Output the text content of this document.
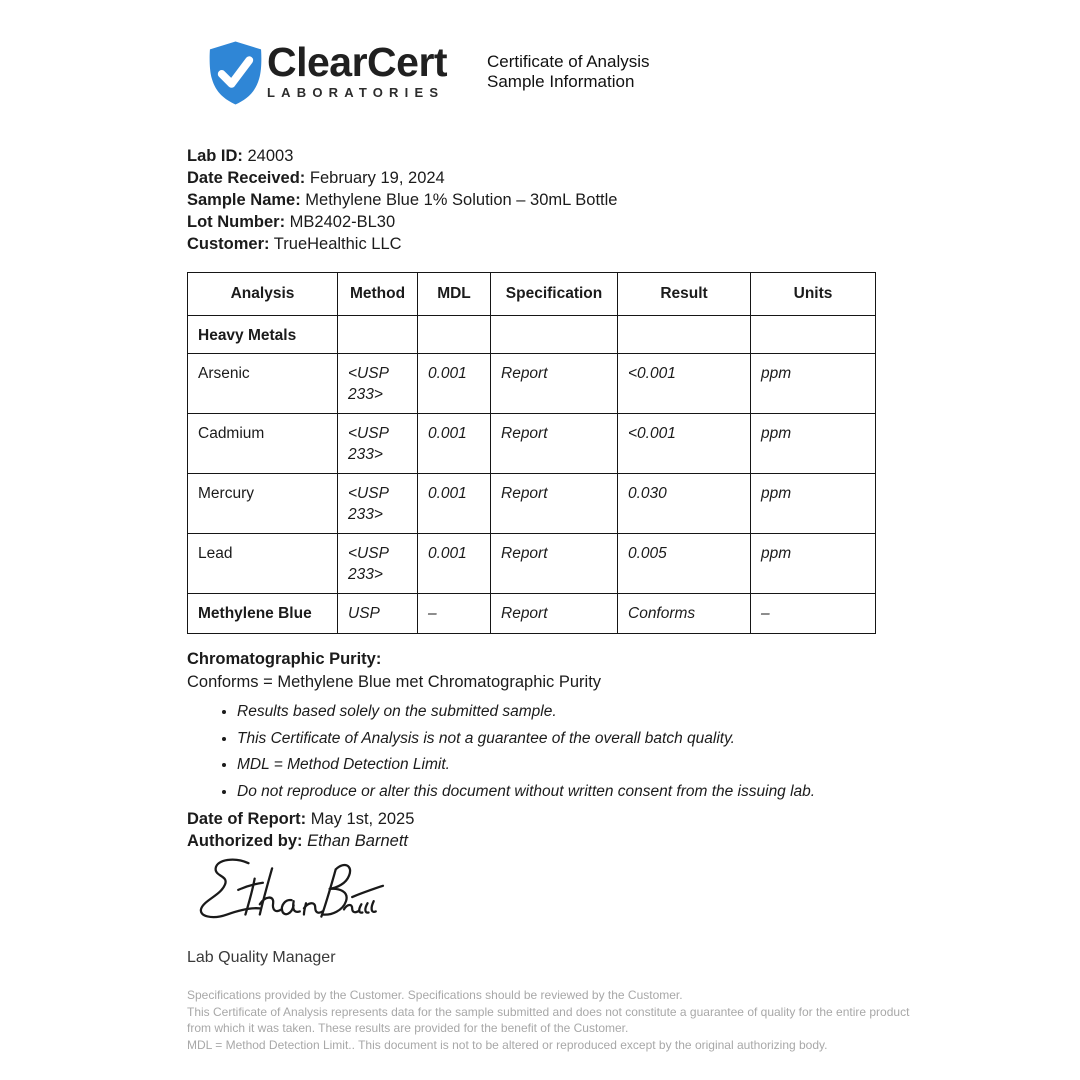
ClearCert
LABORATORIES
Certificate of Analysis
Sample Information
Lab ID: 24003
Date Received: February 19, 2024
Sample Name: Methylene Blue 1% Solution – 30mL Bottle
Lot Number: MB2402-BL30
Customer: TrueHealthic LLC
Analysis	Method	MDL	Specification	Result	Units
Heavy Metals					
Arsenic	<USP 233>	0.001	Report	<0.001	ppm
Cadmium	<USP 233>	0.001	Report	<0.001	ppm
Mercury	<USP 233>	0.001	Report	0.030	ppm
Lead	<USP 233>	0.001	Report	0.005	ppm
Methylene Blue	USP	–	Report	Conforms	–
Chromatographic Purity:
Conforms = Methylene Blue met Chromatographic Purity
• Results based solely on the submitted sample.
• This Certificate of Analysis is not a guarantee of the overall batch quality.
• MDL = Method Detection Limit.
• Do not reproduce or alter this document without written consent from the issuing lab.
Date of Report: May 1st, 2025
Authorized by: Ethan Barnett
Lab Quality Manager
Specifications provided by the Customer. Specifications should be reviewed by the Customer.
This Certificate of Analysis represents data for the sample submitted and does not constitute a guarantee of quality for the entire product
from which it was taken. These results are provided for the benefit of the Customer.
MDL = Method Detection Limit.. This document is not to be altered or reproduced except by the original authorizing body.
